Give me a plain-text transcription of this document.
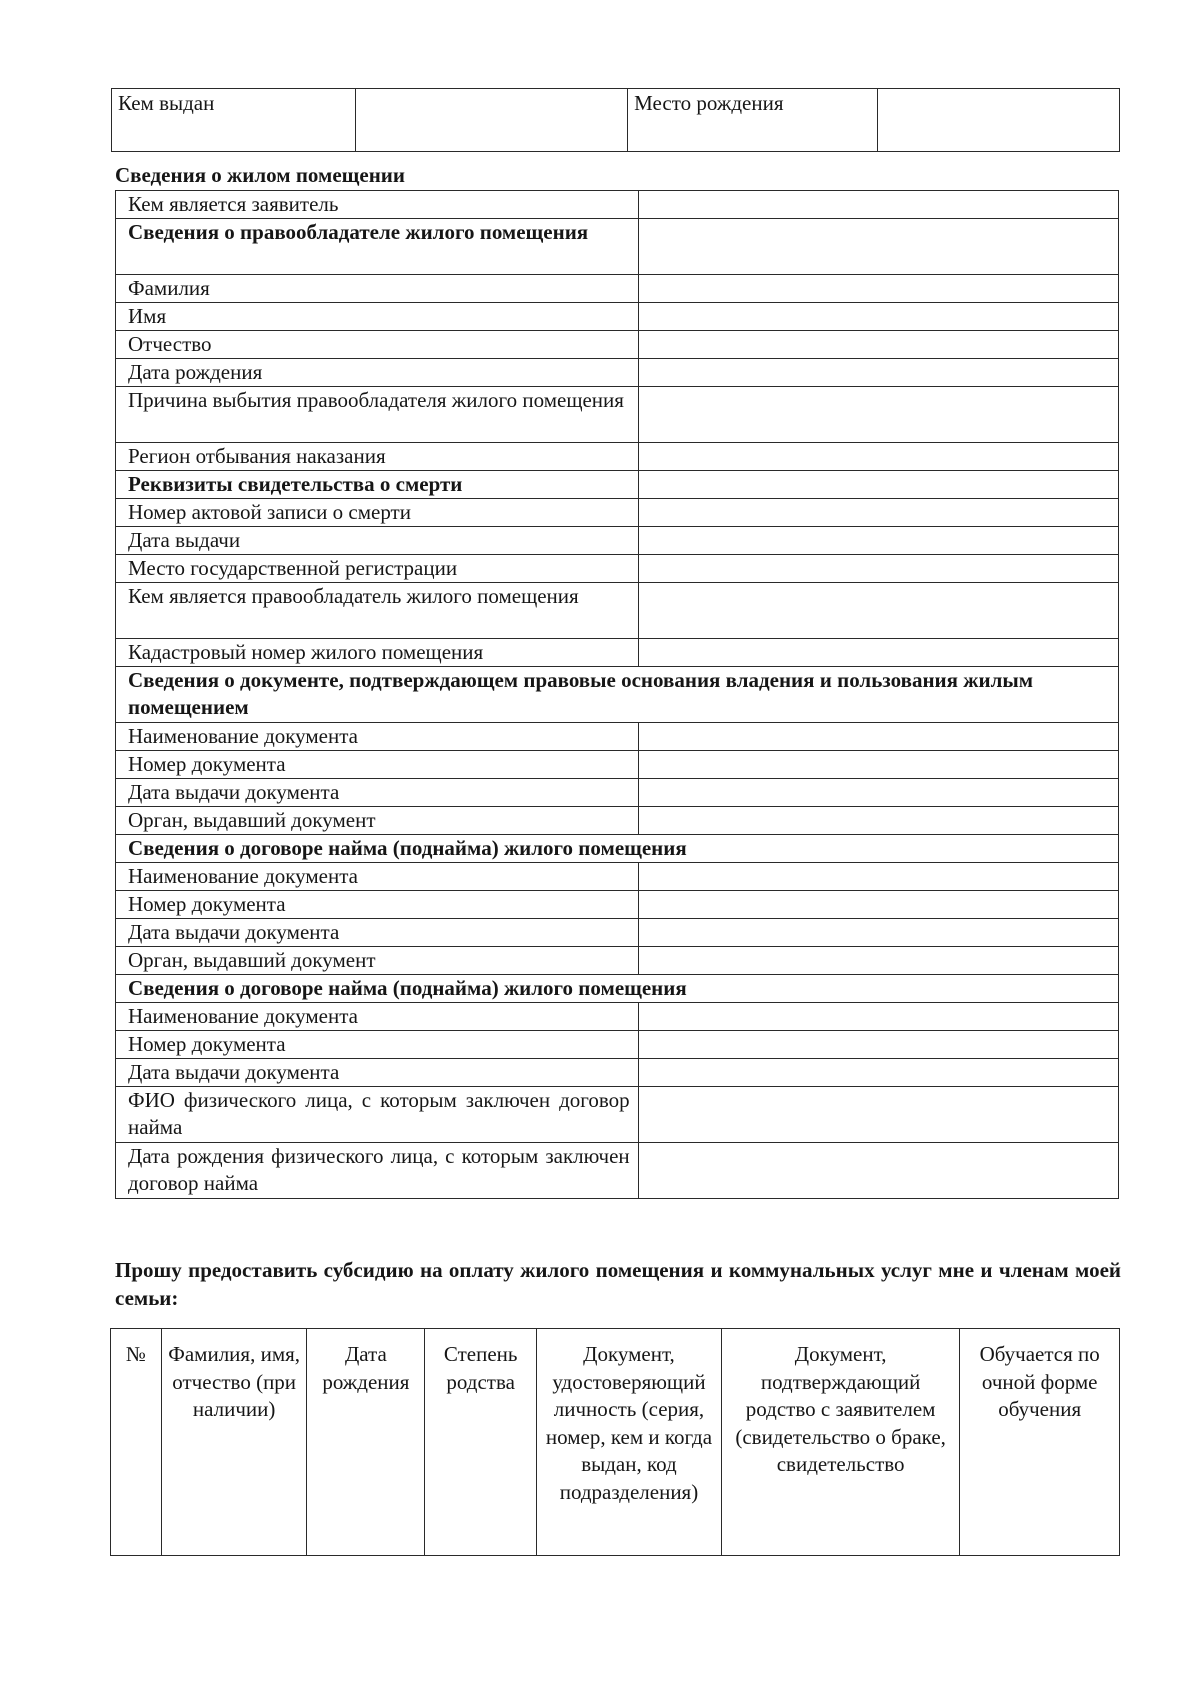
Кем выдан		Место рождения	
Сведения о жилом помещении
Кем является заявитель	
Сведения о правообладателе жилого помещения	
Фамилия	
Имя	
Отчество	
Дата рождения	
Причина выбытия правообладателя жилого помещения	
Регион отбывания наказания	
Реквизиты свидетельства о смерти	
Номер актовой записи о смерти	
Дата выдачи	
Место государственной регистрации	
Кем является правообладатель жилого помещения	
Кадастровый номер жилого помещения	
Сведения о документе, подтверждающем правовые основания владения и пользования жилым помещением	
Наименование документа	
Номер документа	
Дата выдачи документа	
Орган, выдавший документ	
Сведения о договоре найма (поднайма) жилого помещения	
Наименование документа	
Номер документа	
Дата выдачи документа	
Орган, выдавший документ	
Сведения о договоре найма (поднайма) жилого помещения	
Наименование документа	
Номер документа	
Дата выдачи документа	
ФИО физического лица, с которым заключен договор найма	
Дата рождения физического лица, с которым заключен договор найма	
Прошу предоставить субсидию на оплату жилого помещения и коммунальных услуг мне и членам моей семьи:
№	Фамилия, имя, отчество (при наличии)	Дата рождения	Степень родства	Документ, удостоверяющий личность (серия, номер, кем и когда выдан, код подразделения)	Документ, подтверждающий родство с заявителем (свидетельство о браке, свидетельство	Обучается по очной форме обучения
